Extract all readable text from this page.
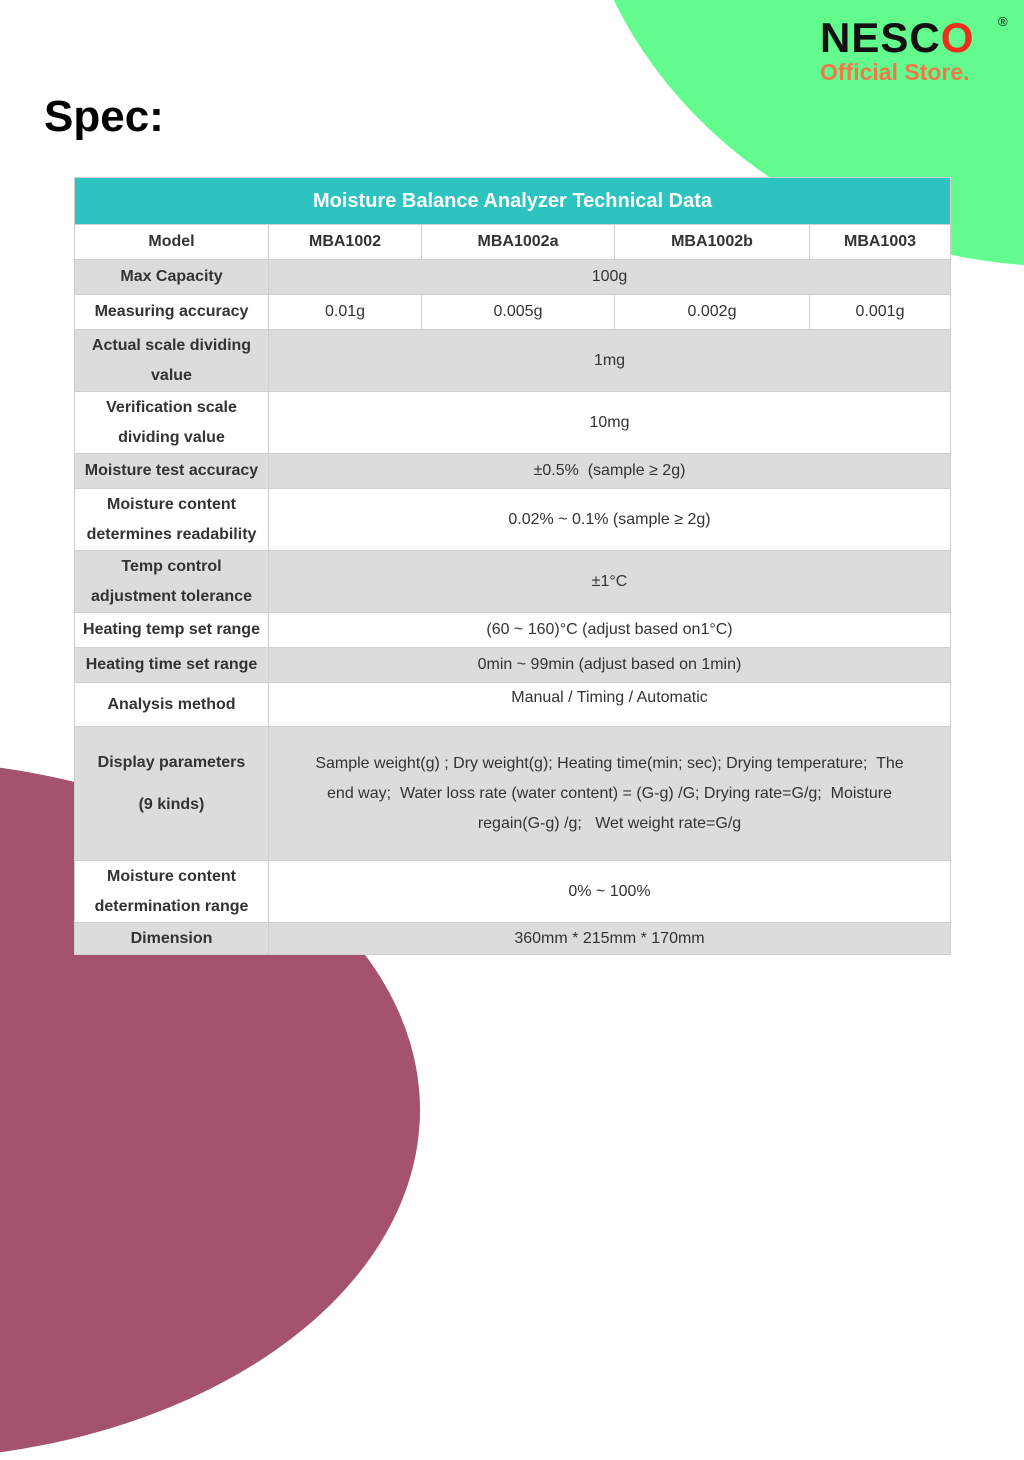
NESCO ®
Official Store.
Spec:
Moisture Balance Analyzer Technical Data				
Model	MBA1002	MBA1002a	MBA1002b	MBA1003
Max Capacity	100g			
Measuring accuracy	0.01g	0.005g	0.002g	0.001g
Actual scale dividing
value	1mg			
Verification scale
dividing value	10mg			
Moisture test accuracy	±0.5%  (sample ≥ 2g)			
Moisture content
determines readability	0.02% ~ 0.1% (sample ≥ 2g)			
Temp control
adjustment tolerance	±1°C			
Heating temp set range	(60 ~ 160)°C (adjust based on1°C)			
Heating time set range	0min ~ 99min (adjust based on 1min)			
Analysis method	Manual / Timing / Automatic			
Display parameters
(9 kinds)	Sample weight(g) ; Dry weight(g); Heating time(min; sec); Drying temperature;  The
end way;  Water loss rate (water content) = (G-g) /G; Drying rate=G/g;  Moisture
regain(G-g) /g;   Wet weight rate=G/g			
Moisture content
determination range	0% ~ 100%			
Dimension	360mm * 215mm * 170mm			
